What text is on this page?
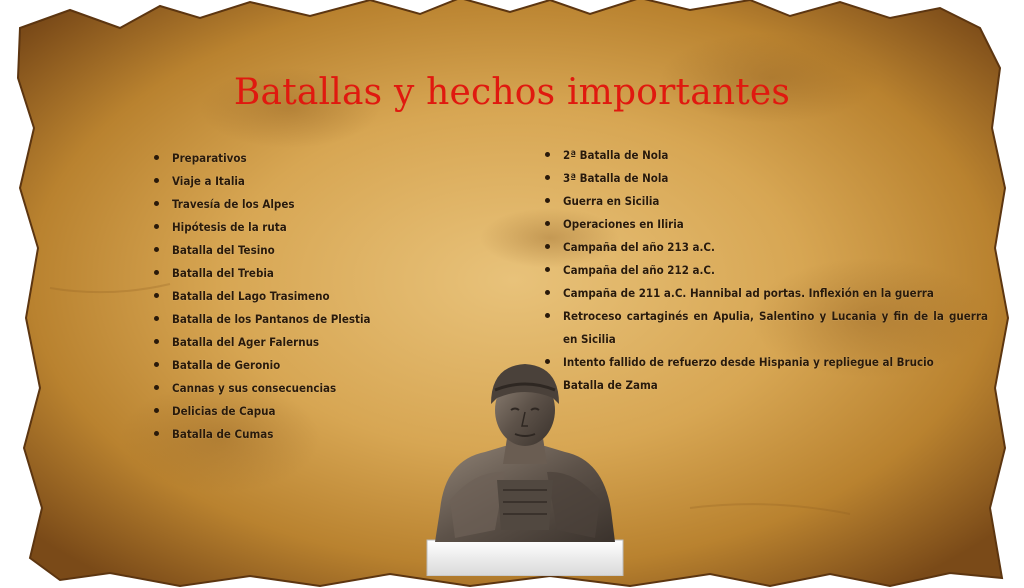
Batallas y hechos importantes
Preparativos
Viaje a Italia
Travesía de los Alpes
Hipótesis de la ruta
Batalla del Tesino
Batalla del Trebia
Batalla del Lago Trasimeno
Batalla de los Pantanos de Plestia
Batalla del Ager Falernus
Batalla de Geronio
Cannas y sus consecuencias
Delicias de Capua
Batalla de Cumas
2ª Batalla de Nola
3ª Batalla de Nola
Guerra en Sicilia
Operaciones en Iliria
Campaña del año 213 a.C.
Campaña del año 212 a.C.
Campaña de 211 a.C. Hannibal ad portas. Inflexión en la guerra
Retroceso cartaginés en Apulia, Salentino y Lucania y fin de la guerra en Sicilia
Intento fallido de refuerzo desde Hispania y repliegue al Brucio
Batalla de Zama
